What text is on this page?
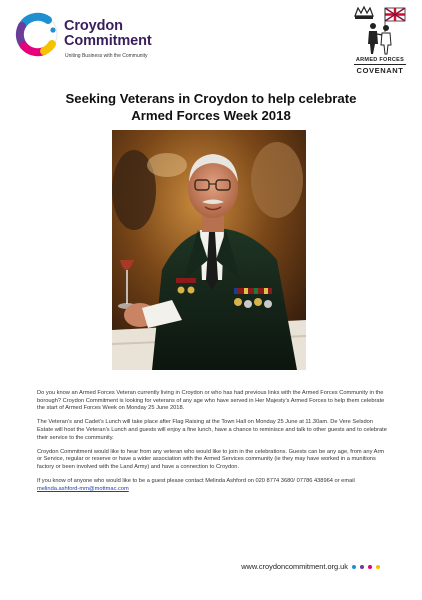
Croydon
Commitment
Uniting Business with the Community
ARMED FORCES
COVENANT
Seeking Veterans in Croydon to help celebrate
Armed Forces Week 2018

Do you know an Armed Forces Veteran currently living in Croydon or who has had previous links with the Armed Forces Community in the borough? Croydon Commitment is looking for veterans of any age who have served in Her Majesty’s Armed Forces to help them celebrate the start of Armed Forces Week on Monday 25 June 2018.

The Veteran’s and Cadet’s Lunch will take place after Flag Raising at the Town Hall on Monday 25 June at 11.30am. De Vere Selsdon Estate will host the Veteran’s Lunch and guests will enjoy a fine lunch, have a chance to reminisce and talk to other guests and to celebrate their service to the community.

Croydon Commitment would like to hear from any veteran who would like to join in the celebrations. Guests can be any age, from any Arm or Service, regular or reserve or have a wider association with the Armed Services community (ie they may have worked in a munitions factory or been involved with the Land Army) and have a connection to Croydon.

If you know of anyone who would like to be a guest please contact Melinda Ashford on 020 8774 3680/ 07786 438964 or email melinda.ashford-mm@mottmac.com

www.croydoncommitment.org.uk
